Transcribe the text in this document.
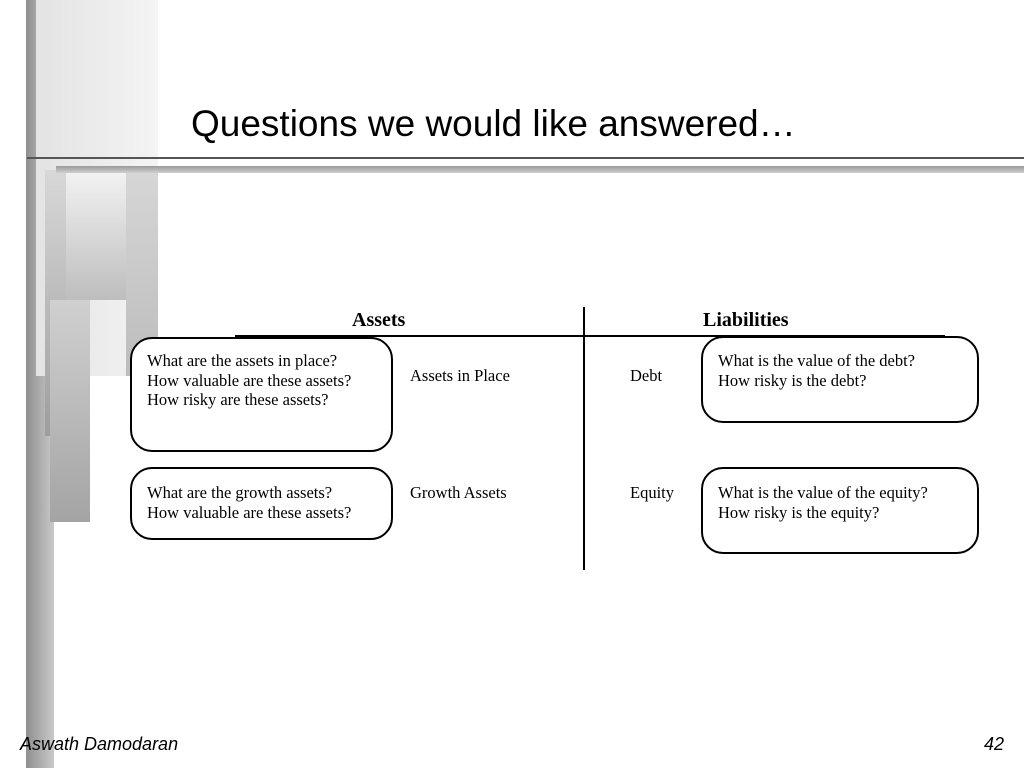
Questions we would like answered…
Assets	Liabilities
What are the assets in place?
How valuable are these assets?
How risky are these assets?
What are the growth assets?
How valuable are these assets?
Assets in Place
Growth Assets
Debt
Equity
What is the value of the debt?
How risky is the debt?
What is the value of the equity?
How risky is the equity?
Aswath Damodaran	42
